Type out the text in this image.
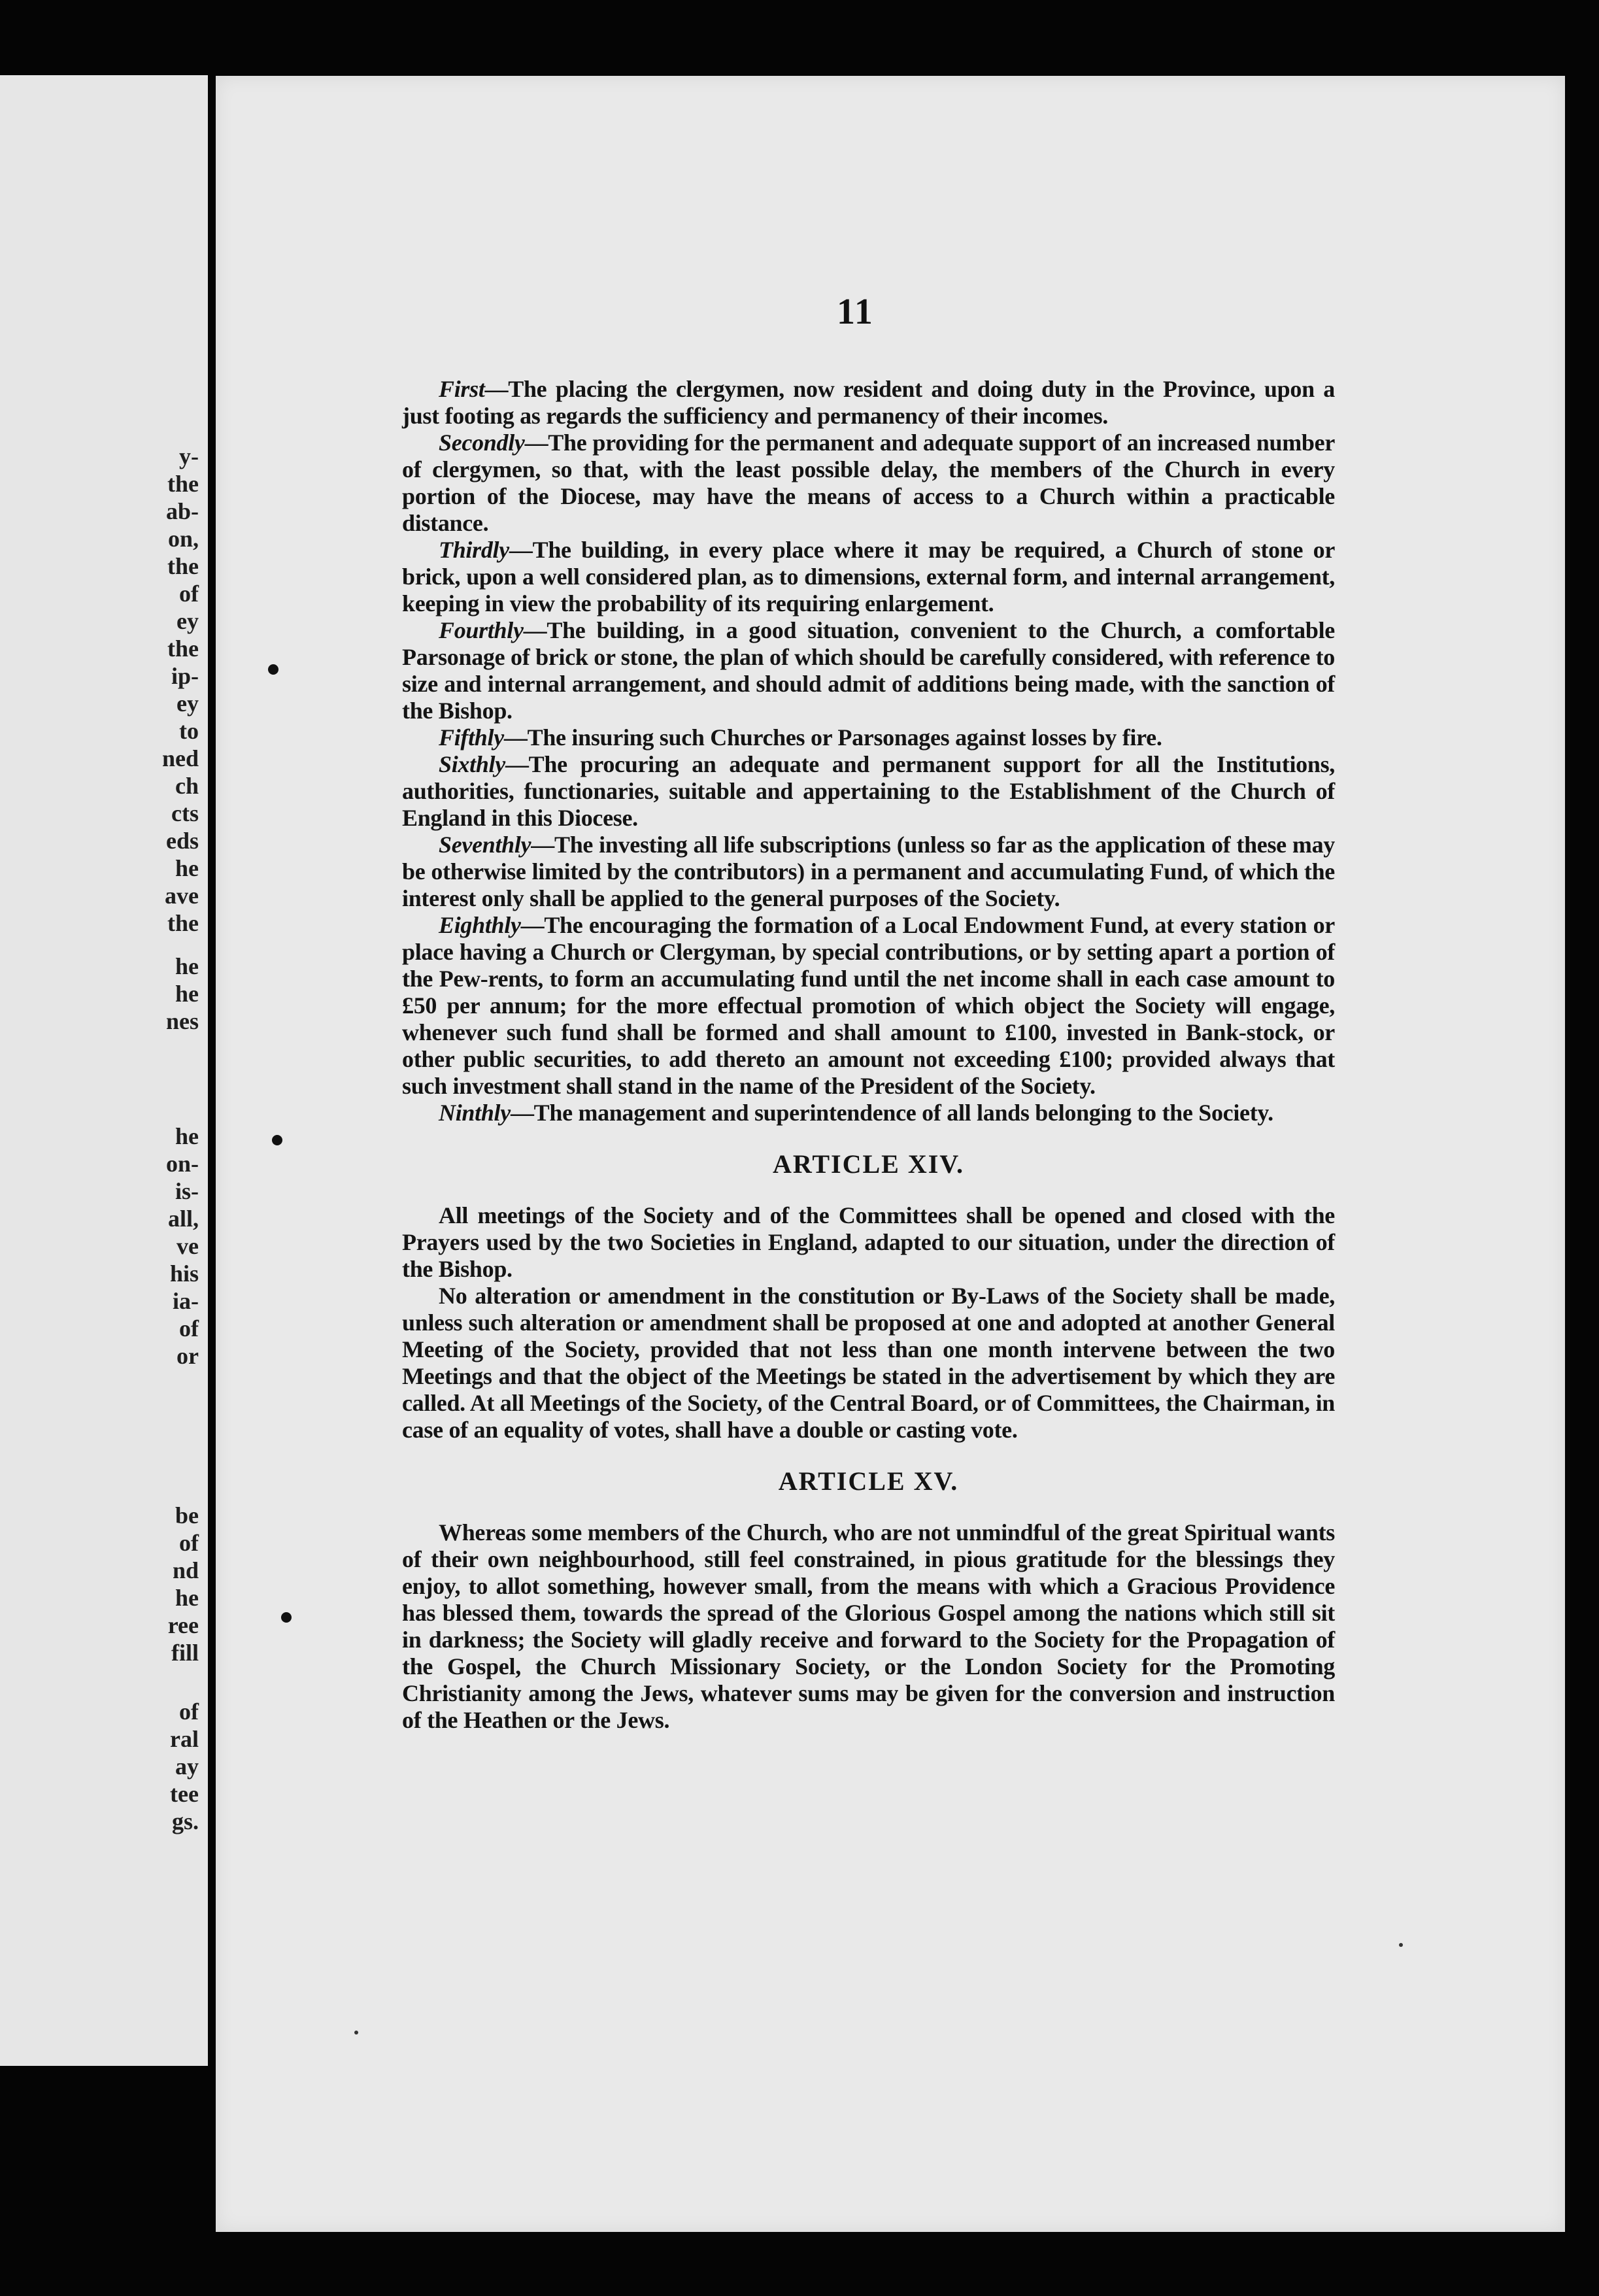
y-
the
ab-
on,
the
of
ey
the
ip-
ey
to
ned
ch
cts
eds
he
ave
the
he
he
nes
he
on-
is-
all,
ve
his
ia-
of
or
be
of
nd
he
ree
fill
of
ral
ay
tee
gs.
11

First—The placing the clergymen, now resident and doing duty in the Province, upon a just footing as regards the sufficiency and permanency of their incomes.

Secondly—The providing for the permanent and adequate support of an increased number of clergymen, so that, with the least possible delay, the members of the Church in every portion of the Diocese, may have the means of access to a Church within a practicable distance.

Thirdly—The building, in every place where it may be required, a Church of stone or brick, upon a well considered plan, as to dimensions, external form, and internal arrangement, keeping in view the probability of its requiring enlargement.

Fourthly—The building, in a good situation, convenient to the Church, a comfortable Parsonage of brick or stone, the plan of which should be carefully considered, with reference to size and internal arrangement, and should admit of additions being made, with the sanction of the Bishop.

Fifthly—The insuring such Churches or Parsonages against losses by fire.

Sixthly—The procuring an adequate and permanent support for all the Institutions, authorities, functionaries, suitable and appertaining to the Establishment of the Church of England in this Diocese.

Seventhly—The investing all life subscriptions (unless so far as the application of these may be otherwise limited by the contributors) in a permanent and accumulating Fund, of which the interest only shall be applied to the general purposes of the Society.

Eighthly—The encouraging the formation of a Local Endowment Fund, at every station or place having a Church or Clergyman, by special contributions, or by setting apart a portion of the Pew-rents, to form an accumulating fund until the net income shall in each case amount to £50 per annum; for the more effectual promotion of which object the Society will engage, whenever such fund shall be formed and shall amount to £100, invested in Bank-stock, or other public securities, to add thereto an amount not exceeding £100; provided always that such investment shall stand in the name of the President of the Society.

Ninthly—The management and superintendence of all lands belonging to the Society.

ARTICLE XIV.

All meetings of the Society and of the Committees shall be opened and closed with the Prayers used by the two Societies in England, adapted to our situation, under the direction of the Bishop.

No alteration or amendment in the constitution or By-Laws of the Society shall be made, unless such alteration or amendment shall be proposed at one and adopted at another General Meeting of the Society, provided that not less than one month intervene between the two Meetings and that the object of the Meetings be stated in the advertisement by which they are called. At all Meetings of the Society, of the Central Board, or of Committees, the Chairman, in case of an equality of votes, shall have a double or casting vote.

ARTICLE XV.

Whereas some members of the Church, who are not unmindful of the great Spiritual wants of their own neighbourhood, still feel constrained, in pious gratitude for the blessings they enjoy, to allot something, however small, from the means with which a Gracious Providence has blessed them, towards the spread of the Glorious Gospel among the nations which still sit in darkness; the Society will gladly receive and forward to the Society for the Propagation of the Gospel, the Church Missionary Society, or the London Society for the Promoting Christianity among the Jews, whatever sums may be given for the conversion and instruction of the Heathen or the Jews.
